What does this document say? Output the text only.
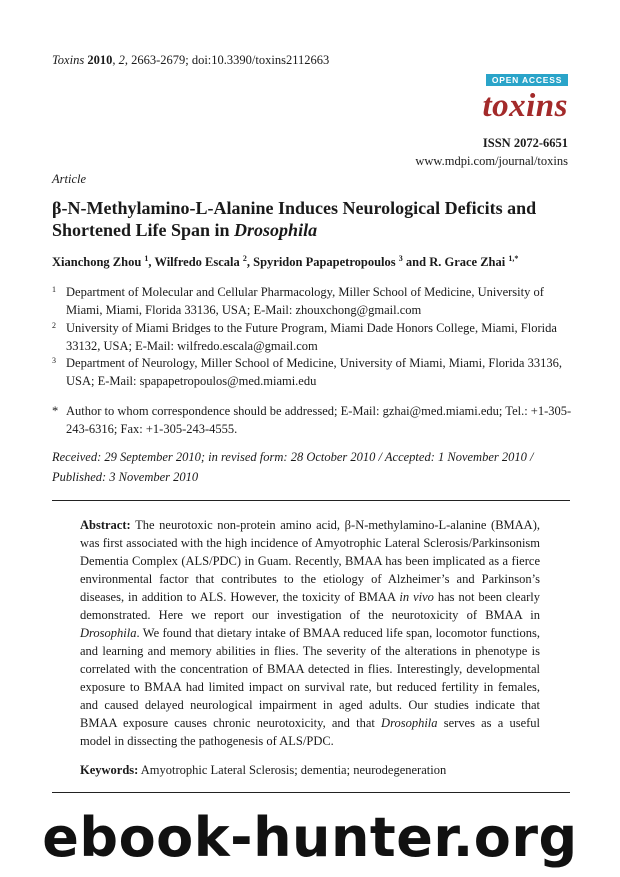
Toxins 2010, 2, 2663-2679; doi:10.3390/toxins2112663
OPEN ACCESS
toxins
ISSN 2072-6651
www.mdpi.com/journal/toxins
Article
β-N-Methylamino-L-Alanine Induces Neurological Deficits and Shortened Life Span in Drosophila
Xianchong Zhou $^1$, Wilfredo Escala $^2$, Spyridon Papapetropoulos $^3$ and R. Grace Zhai $^{1,*}$
1 Department of Molecular and Cellular Pharmacology, Miller School of Medicine, University of Miami, Miami, Florida 33136, USA; E-Mail: zhouxchong@gmail.com
2 University of Miami Bridges to the Future Program, Miami Dade Honors College, Miami, Florida 33132, USA; E-Mail: wilfredo.escala@gmail.com
3 Department of Neurology, Miller School of Medicine, University of Miami, Miami, Florida 33136, USA; E-Mail: spapapetropoulos@med.miami.edu
* Author to whom correspondence should be addressed; E-Mail: gzhai@med.miami.edu; Tel.: +1-305-243-6316; Fax: +1-305-243-4555.
Received: 29 September 2010; in revised form: 28 October 2010 / Accepted: 1 November 2010 / Published: 3 November 2010

Abstract: The neurotoxic non-protein amino acid, β-N-methylamino-L-alanine (BMAA), was first associated with the high incidence of Amyotrophic Lateral Sclerosis/Parkinsonism Dementia Complex (ALS/PDC) in Guam. Recently, BMAA has been implicated as a fierce environmental factor that contributes to the etiology of Alzheimer’s and Parkinson’s diseases, in addition to ALS. However, the toxicity of BMAA in vivo has not been clearly demonstrated. Here we report our investigation of the neurotoxicity of BMAA in Drosophila. We found that dietary intake of BMAA reduced life span, locomotor functions, and learning and memory abilities in flies. The severity of the alterations in phenotype is correlated with the concentration of BMAA detected in flies. Interestingly, developmental exposure to BMAA had limited impact on survival rate, but reduced fertility in females, and caused delayed neurological impairment in aged adults. Our studies indicate that BMAA exposure causes chronic neurotoxicity, and that Drosophila serves as a useful model in dissecting the pathogenesis of ALS/PDC.

Keywords: Amyotrophic Lateral Sclerosis; dementia; neurodegeneration
ebook-hunter.org
